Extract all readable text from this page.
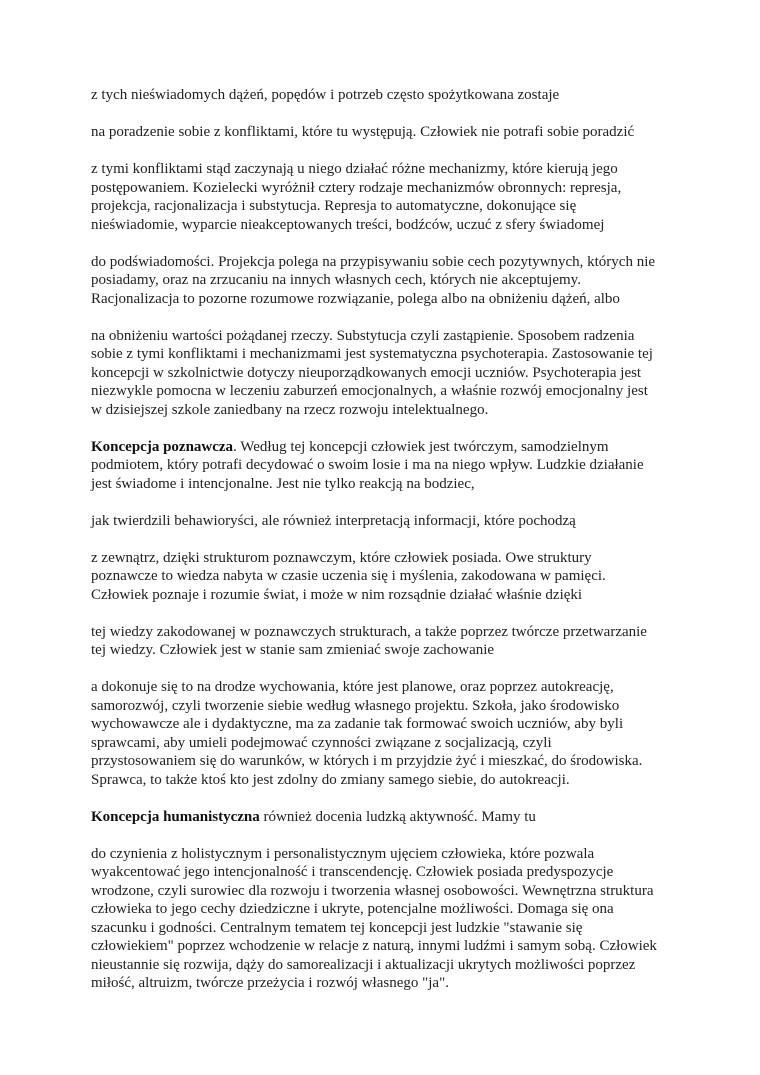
z tych nieświadomych dążeń, popędów i potrzeb często spożytkowana zostaje

na poradzenie sobie z konfliktami, które tu występują. Człowiek nie potrafi sobie poradzić

z tymi konfliktami stąd zaczynają u niego działać różne mechanizmy, które kierują jego
postępowaniem. Kozielecki wyróżnił cztery rodzaje mechanizmów obronnych: represja,
projekcja, racjonalizacja i substytucja. Represja to automatyczne, dokonujące się
nieświadomie, wyparcie nieakceptowanych treści, bodźców, uczuć z sfery świadomej

do podświadomości. Projekcja polega na przypisywaniu sobie cech pozytywnych, których nie
posiadamy, oraz na zrzucaniu na innych własnych cech, których nie akceptujemy.
Racjonalizacja to pozorne rozumowe rozwiązanie, polega albo na obniżeniu dążeń, albo

na obniżeniu wartości pożądanej rzeczy. Substytucja czyli zastąpienie. Sposobem radzenia
sobie z tymi konfliktami i mechanizmami jest systematyczna psychoterapia. Zastosowanie tej
koncepcji w szkolnictwie dotyczy nieuporządkowanych emocji uczniów. Psychoterapia jest
niezwykle pomocna w leczeniu zaburzeń emocjonalnych, a właśnie rozwój emocjonalny jest
w dzisiejszej szkole zaniedbany na rzecz rozwoju intelektualnego.

Koncepcja poznawcza. Według tej koncepcji człowiek jest twórczym, samodzielnym
podmiotem, który potrafi decydować o swoim losie i ma na niego wpływ. Ludzkie działanie
jest świadome i intencjonalne. Jest nie tylko reakcją na bodziec,

jak twierdzili behawioryści, ale również interpretacją informacji, które pochodzą

z zewnątrz, dzięki strukturom poznawczym, które człowiek posiada. Owe struktury
poznawcze to wiedza nabyta w czasie uczenia się i myślenia, zakodowana w pamięci.
Człowiek poznaje i rozumie świat, i może w nim rozsądnie działać właśnie dzięki

tej wiedzy zakodowanej w poznawczych strukturach, a także poprzez twórcze przetwarzanie
tej wiedzy. Człowiek jest w stanie sam zmieniać swoje zachowanie

a dokonuje się to na drodze wychowania, które jest planowe, oraz poprzez autokreację,
samorozwój, czyli tworzenie siebie według własnego projektu. Szkoła, jako środowisko
wychowawcze ale i dydaktyczne, ma za zadanie tak formować swoich uczniów, aby byli
sprawcami, aby umieli podejmować czynności związane z socjalizacją, czyli
przystosowaniem się do warunków, w których i m przyjdzie żyć i mieszkać, do środowiska.
Sprawca, to także ktoś kto jest zdolny do zmiany samego siebie, do autokreacji.

Koncepcja humanistyczna również docenia ludzką aktywność. Mamy tu

do czynienia z holistycznym i personalistycznym ujęciem człowieka, które pozwala
wyakcentować jego intencjonalność i transcendencję. Człowiek posiada predyspozycje
wrodzone, czyli surowiec dla rozwoju i tworzenia własnej osobowości. Wewnętrzna struktura
człowieka to jego cechy dziedziczne i ukryte, potencjalne możliwości. Domaga się ona
szacunku i godności. Centralnym tematem tej koncepcji jest ludzkie "stawanie się
człowiekiem" poprzez wchodzenie w relacje z naturą, innymi ludźmi i samym sobą. Człowiek
nieustannie się rozwija, dąży do samorealizacji i aktualizacji ukrytych możliwości poprzez
miłość, altruizm, twórcze przeżycia i rozwój własnego "ja".
